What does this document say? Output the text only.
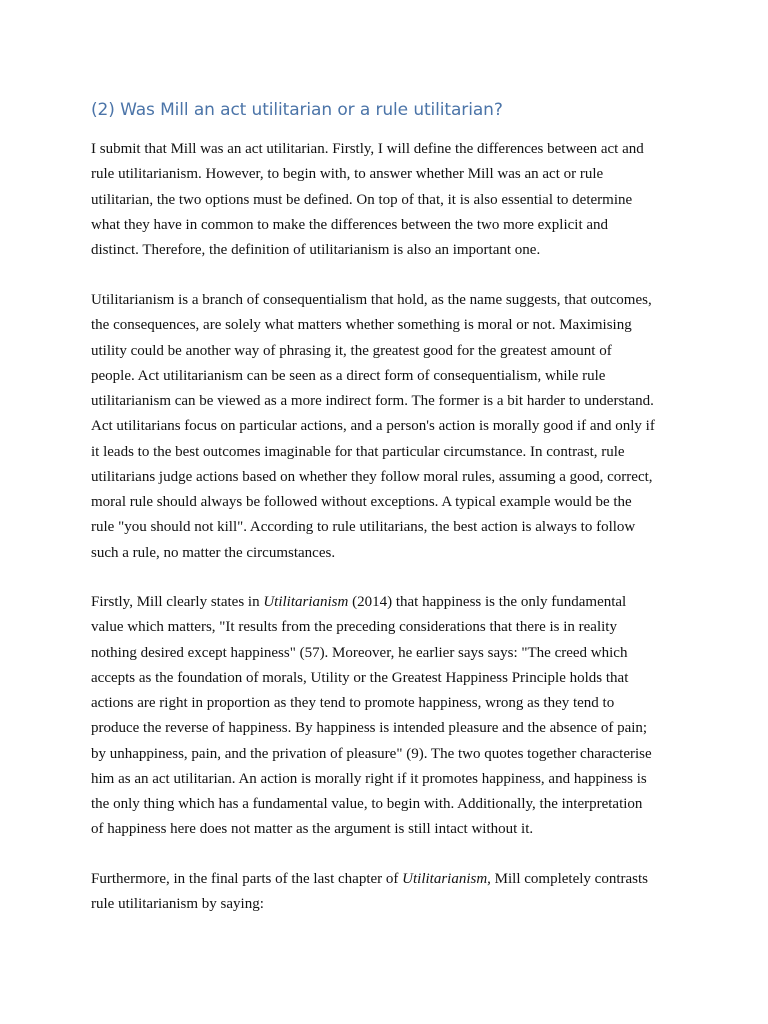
(2) Was Mill an act utilitarian or a rule utilitarian?

I submit that Mill was an act utilitarian. Firstly, I will define the differences between act and
rule utilitarianism. However, to begin with, to answer whether Mill was an act or rule
utilitarian, the two options must be defined. On top of that, it is also essential to determine
what they have in common to make the differences between the two more explicit and
distinct. Therefore, the definition of utilitarianism is also an important one.

Utilitarianism is a branch of consequentialism that hold, as the name suggests, that outcomes,
the consequences, are solely what matters whether something is moral or not. Maximising
utility could be another way of phrasing it, the greatest good for the greatest amount of
people. Act utilitarianism can be seen as a direct form of consequentialism, while rule
utilitarianism can be viewed as a more indirect form. The former is a bit harder to understand.
Act utilitarians focus on particular actions, and a person's action is morally good if and only if
it leads to the best outcomes imaginable for that particular circumstance. In contrast, rule
utilitarians judge actions based on whether they follow moral rules, assuming a good, correct,
moral rule should always be followed without exceptions. A typical example would be the
rule "you should not kill". According to rule utilitarians, the best action is always to follow
such a rule, no matter the circumstances.

Firstly, Mill clearly states in Utilitarianism (2014) that happiness is the only fundamental
value which matters, "It results from the preceding considerations that there is in reality
nothing desired except happiness" (57). Moreover, he earlier says says: "The creed which
accepts as the foundation of morals, Utility or the Greatest Happiness Principle holds that
actions are right in proportion as they tend to promote happiness, wrong as they tend to
produce the reverse of happiness. By happiness is intended pleasure and the absence of pain;
by unhappiness, pain, and the privation of pleasure" (9). The two quotes together characterise
him as an act utilitarian. An action is morally right if it promotes happiness, and happiness is
the only thing which has a fundamental value, to begin with. Additionally, the interpretation
of happiness here does not matter as the argument is still intact without it.

Furthermore, in the final parts of the last chapter of Utilitarianism, Mill completely contrasts
rule utilitarianism by saying:
